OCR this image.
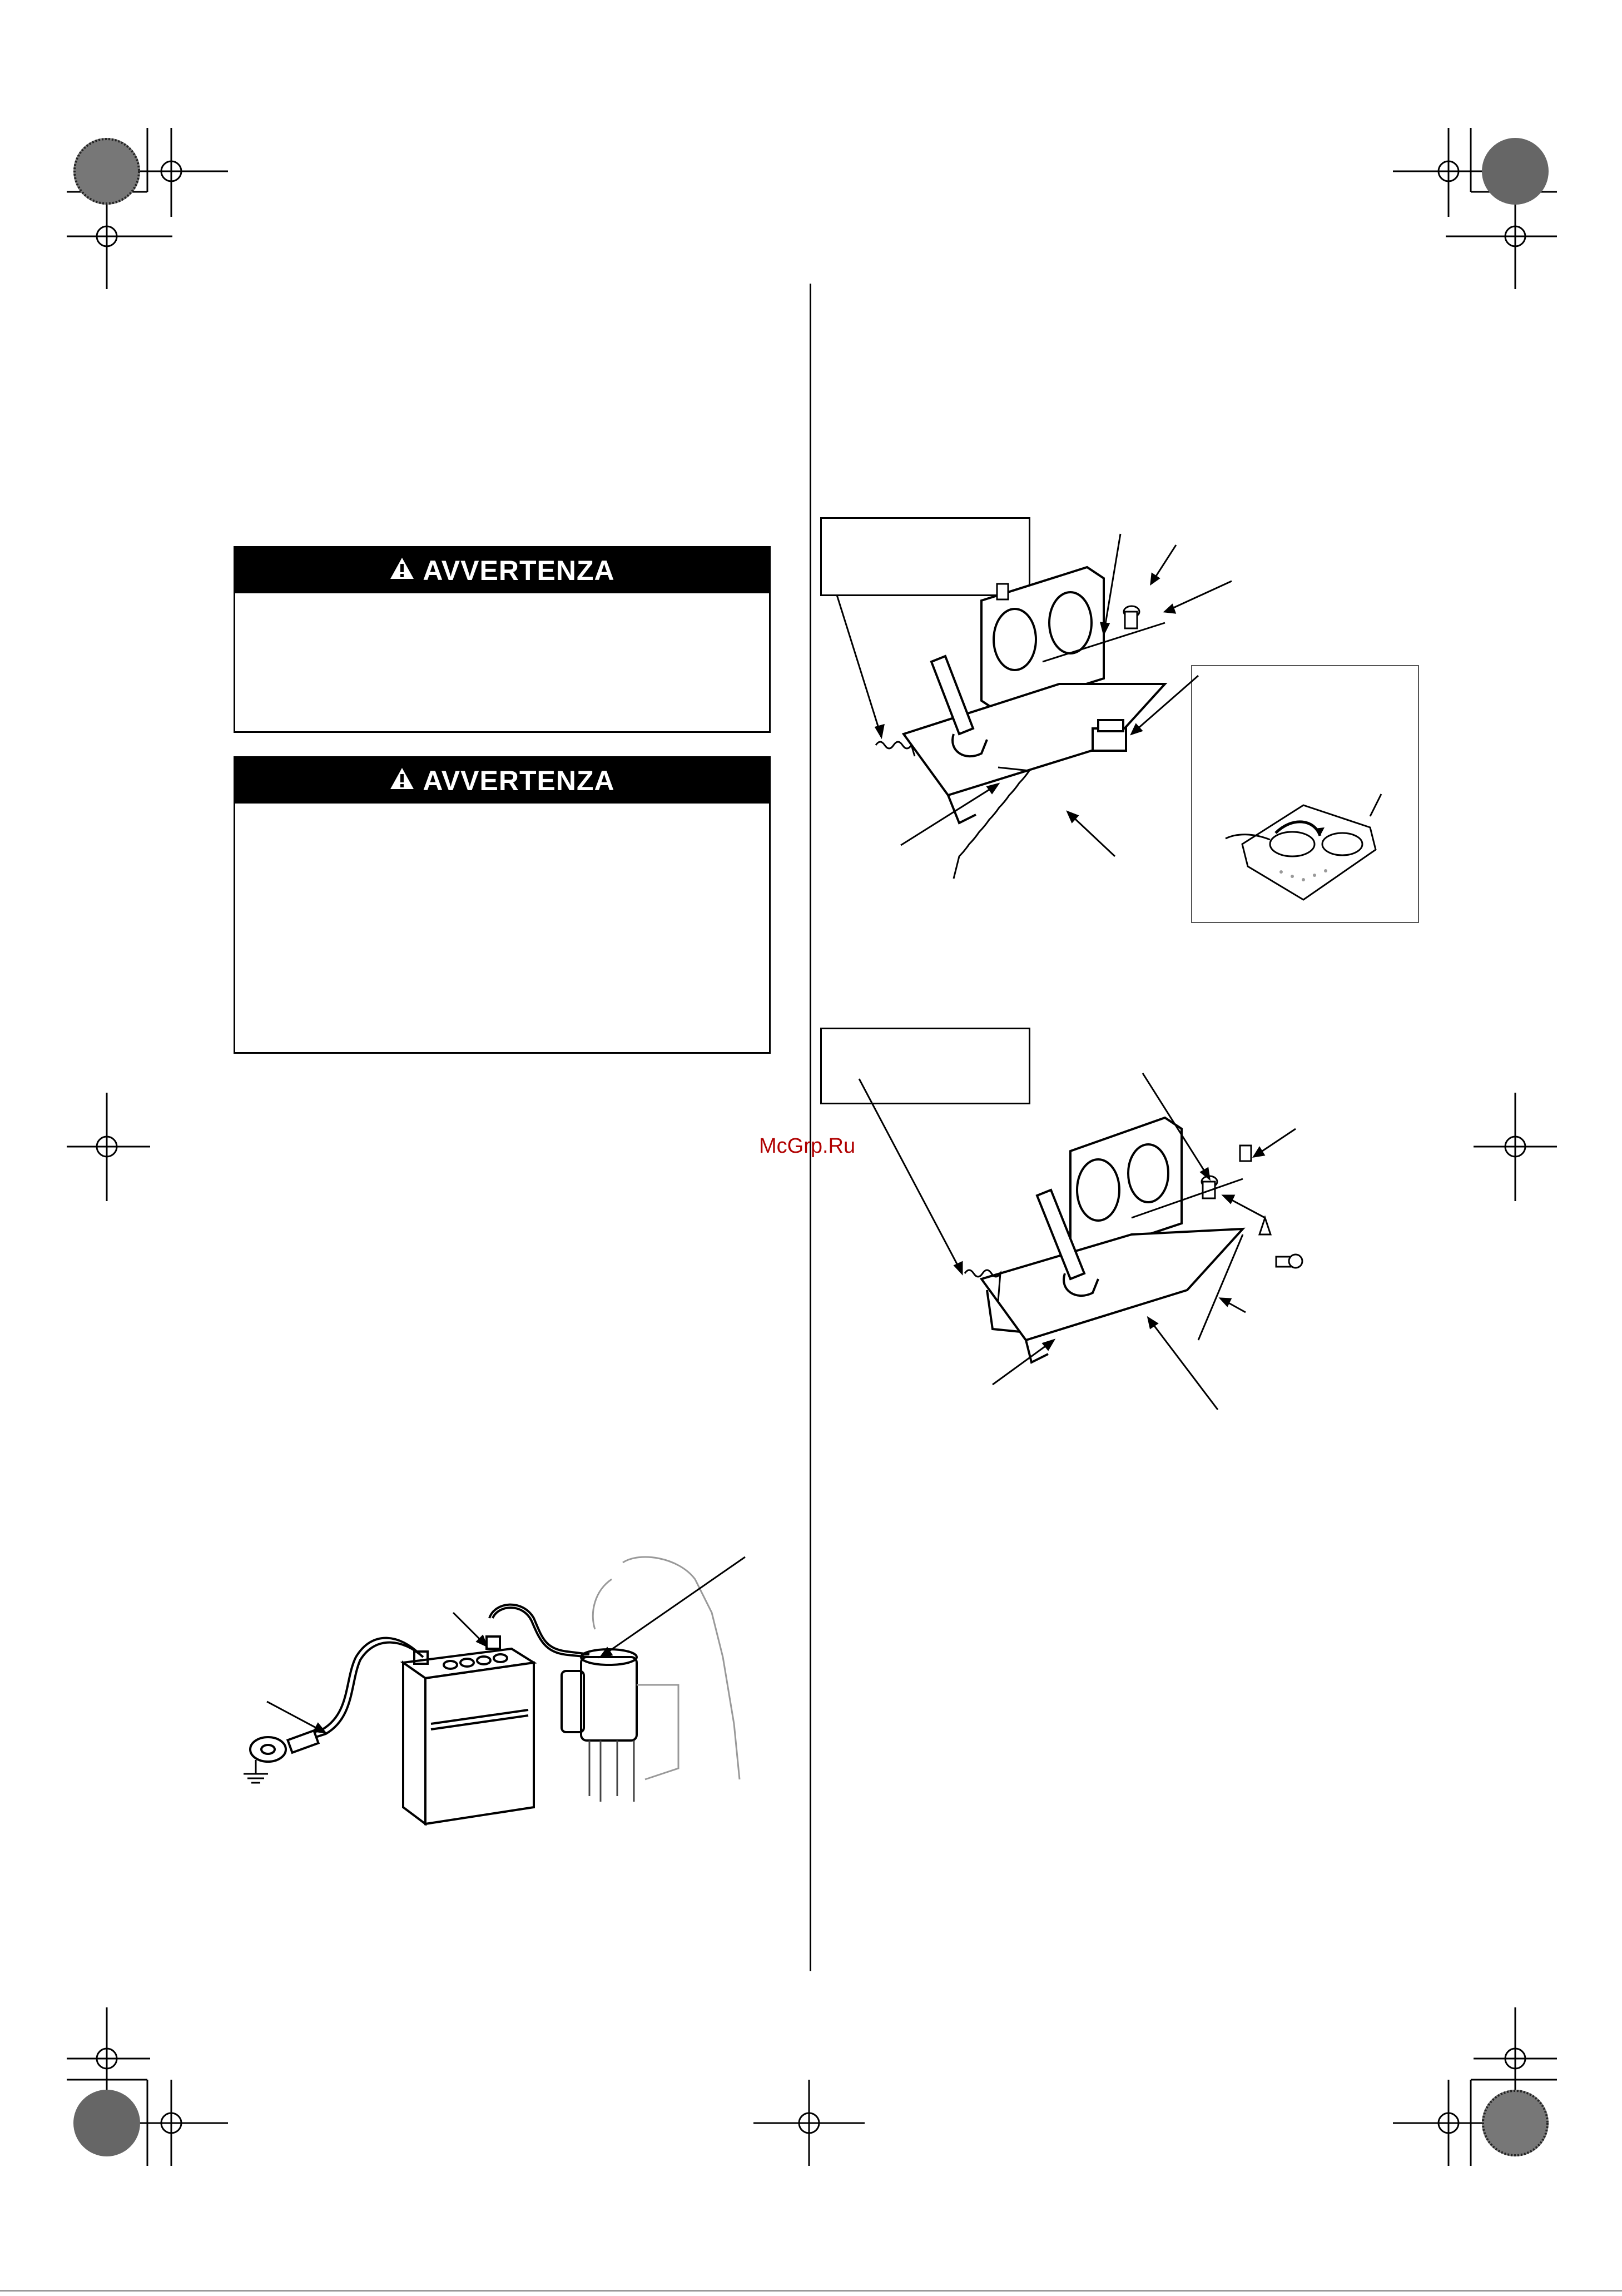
AVVERTENZA
AVVERTENZA
McGrp.Ru
